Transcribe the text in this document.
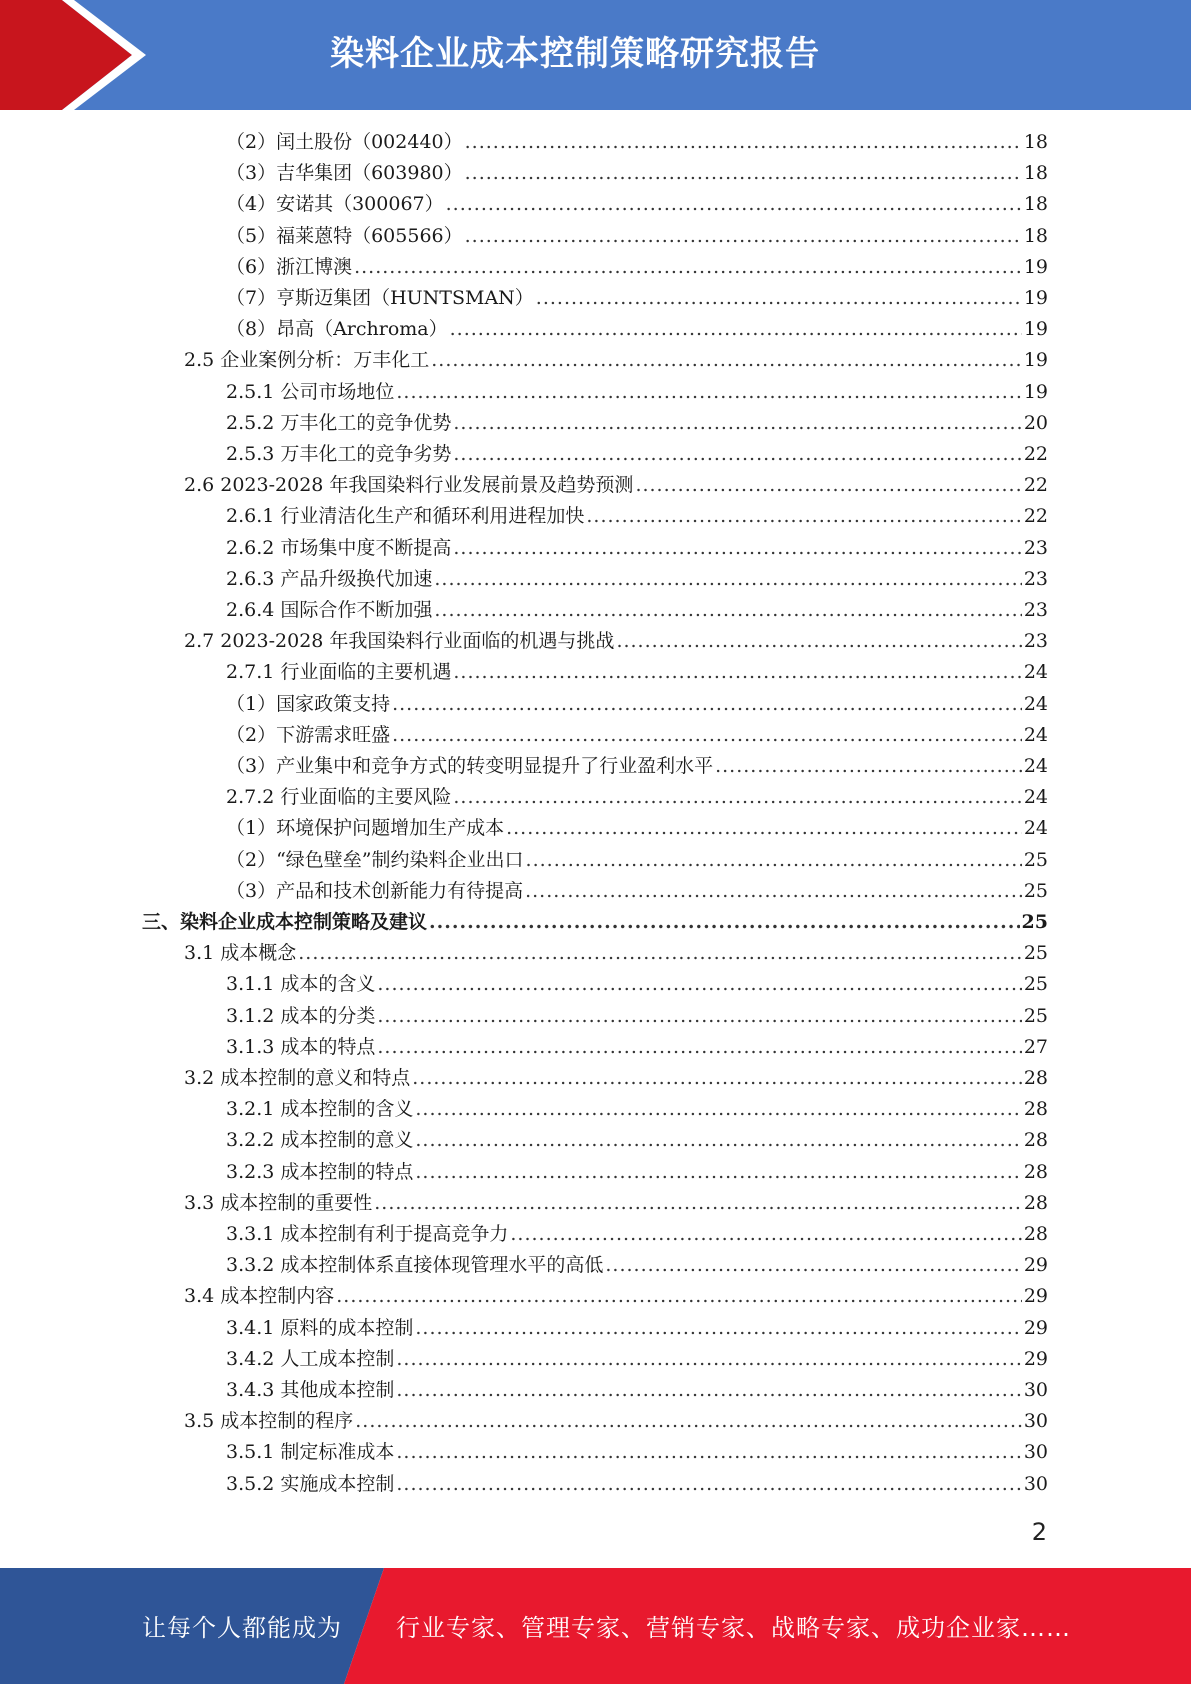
染料企业成本控制策略研究报告
（2）闰土股份（002440） .....	18
（3）吉华集团（603980） .....	18
（4）安诺其（300067） .....	18
（5）福莱蒽特（605566） .....	18
（6）浙江博澳 .....	19
（7）亨斯迈集团（HUNTSMAN） .....	19
（8）昂高（Archroma） .....	19
2.5 企业案例分析：万丰化工 .....	19
2.5.1 公司市场地位 .....	19
2.5.2 万丰化工的竞争优势 .....	20
2.5.3 万丰化工的竞争劣势 .....	22
2.6 2023-2028 年我国染料行业发展前景及趋势预测 .....	22
2.6.1 行业清洁化生产和循环利用进程加快 .....	22
2.6.2 市场集中度不断提高 .....	23
2.6.3 产品升级换代加速 .....	23
2.6.4 国际合作不断加强 .....	23
2.7 2023-2028 年我国染料行业面临的机遇与挑战 .....	23
2.7.1 行业面临的主要机遇 .....	24
（1）国家政策支持 .....	24
（2）下游需求旺盛 .....	24
（3）产业集中和竞争方式的转变明显提升了行业盈利水平 .....	24
2.7.2 行业面临的主要风险 .....	24
（1）环境保护问题增加生产成本 .....	24
（2）“绿色壁垒”制约染料企业出口 .....	25
（3）产品和技术创新能力有待提高 .....	25
三、染料企业成本控制策略及建议 .....	25
3.1 成本概念 .....	25
3.1.1 成本的含义 .....	25
3.1.2 成本的分类 .....	25
3.1.3 成本的特点 .....	27
3.2 成本控制的意义和特点 .....	28
3.2.1 成本控制的含义 .....	28
3.2.2 成本控制的意义 .....	28
3.2.3 成本控制的特点 .....	28
3.3 成本控制的重要性 .....	28
3.3.1 成本控制有利于提高竞争力 .....	28
3.3.2 成本控制体系直接体现管理水平的高低 .....	29
3.4 成本控制内容 .....	29
3.4.1 原料的成本控制 .....	29
3.4.2 人工成本控制 .....	29
3.4.3 其他成本控制 .....	30
3.5 成本控制的程序 .....	30
3.5.1 制定标准成本 .....	30
3.5.2 实施成本控制 .....	30
2
让每个人都能成为 行业专家、管理专家、营销专家、战略专家、成功企业家……
